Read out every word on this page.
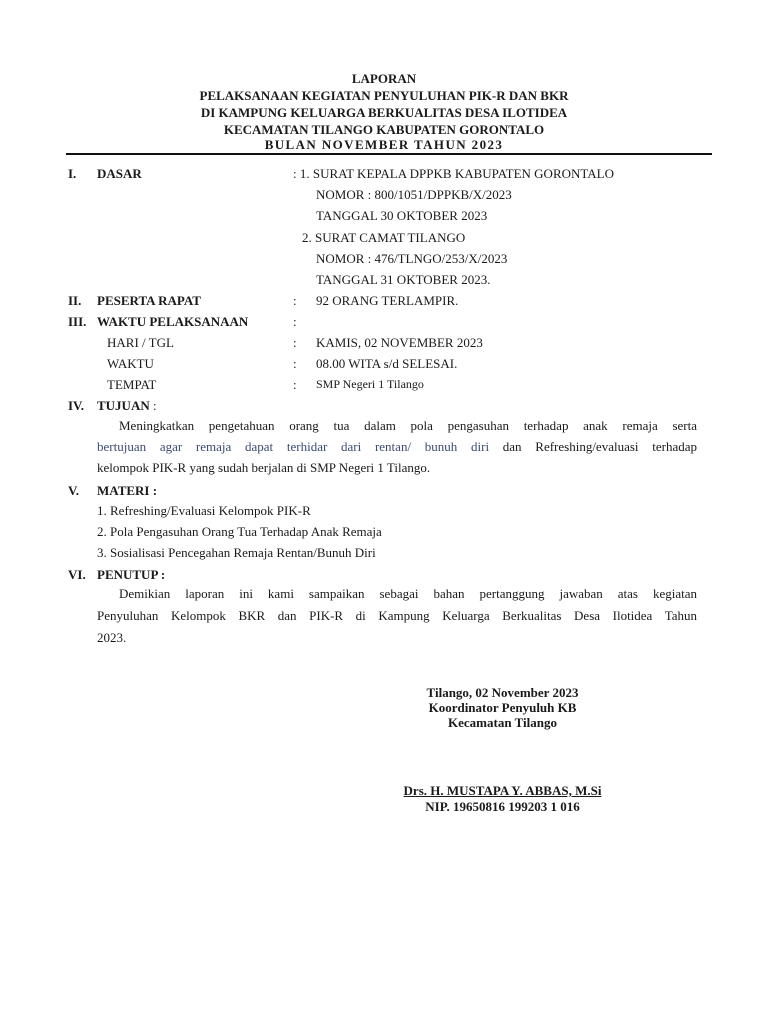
LAPORAN
PELAKSANAAN KEGIATAN PENYULUHAN PIK-R DAN BKR
DI KAMPUNG KELUARGA BERKUALITAS DESA ILOTIDEA
KECAMATAN TILANGO KABUPATEN GORONTALO
BULAN NOVEMBER TAHUN 2023
I. DASAR	: 1. SURAT KEPALA DPPKB KABUPATEN GORONTALO
NOMOR : 800/1051/DPPKB/X/2023
TANGGAL 30 OKTOBER 2023
2. SURAT CAMAT TILANGO
NOMOR : 476/TLNGO/253/X/2023
TANGGAL 31 OKTOBER 2023.
II. PESERTA RAPAT	: 92 ORANG TERLAMPIR.
III. WAKTU PELAKSANAAN	:
HARI / TGL	: KAMIS, 02 NOVEMBER 2023
WAKTU	: 08.00 WITA s/d SELESAI.
TEMPAT	: SMP Negeri 1 Tilango
IV. TUJUAN :
Meningkatkan pengetahuan orang tua dalam pola pengasuhan terhadap anak remaja serta
bertujuan agar remaja dapat terhidar dari rentan/ bunuh diri dan Refreshing/evaluasi terhadap
kelompok PIK-R yang sudah berjalan di SMP Negeri 1 Tilango.
V. MATERI :
1. Refreshing/Evaluasi Kelompok PIK-R
2. Pola Pengasuhan Orang Tua Terhadap Anak Remaja
3. Sosialisasi Pencegahan Remaja Rentan/Bunuh Diri
VI. PENUTUP :
Demikian laporan ini kami sampaikan sebagai bahan pertanggung jawaban atas kegiatan
Penyuluhan Kelompok BKR dan PIK-R di Kampung Keluarga Berkualitas Desa Ilotidea Tahun
2023.
Tilango, 02 November 2023
Koordinator Penyuluh KB
Kecamatan Tilango
Drs. H. MUSTAPA Y. ABBAS, M.Si
NIP. 19650816 199203 1 016
